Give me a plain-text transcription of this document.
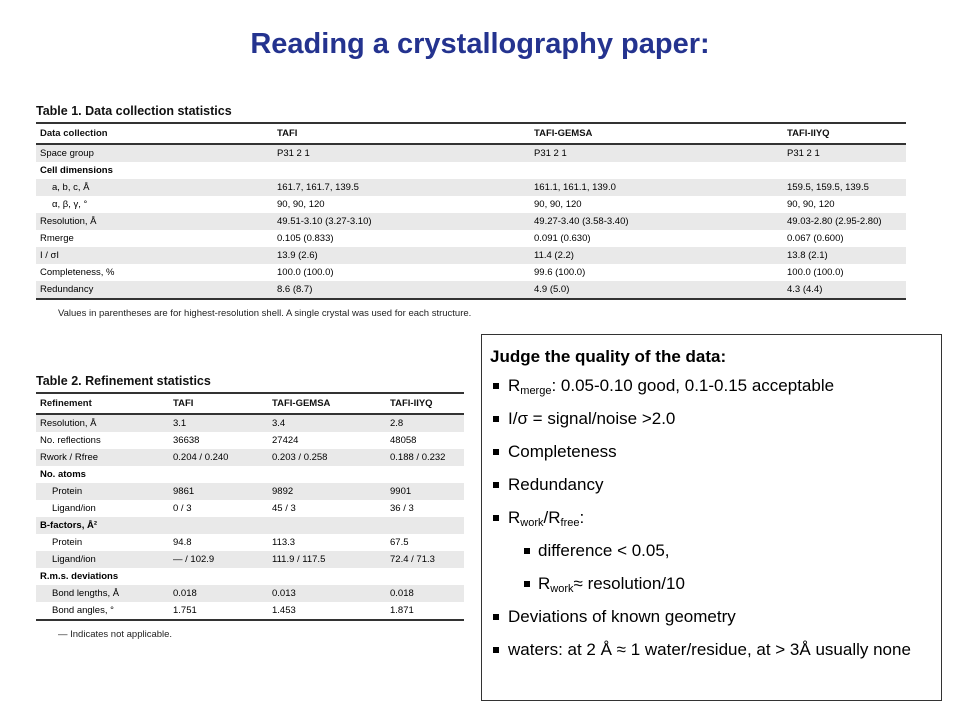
Reading a crystallography paper:
Table 1. Data collection statistics
Data collection	TAFI	TAFI-GEMSA	TAFI-IIYQ
Space group	P31 2 1	P31 2 1	P31 2 1
Cell dimensions			
a, b, c, Å	161.7, 161.7, 139.5	161.1, 161.1, 139.0	159.5, 159.5, 139.5
α, β, γ, °	90, 90, 120	90, 90, 120	90, 90, 120
Resolution, Å	49.51-3.10 (3.27-3.10)	49.27-3.40 (3.58-3.40)	49.03-2.80 (2.95-2.80)
Rmerge	0.105 (0.833)	0.091 (0.630)	0.067 (0.600)
I / σI	13.9 (2.6)	11.4 (2.2)	13.8 (2.1)
Completeness, %	100.0 (100.0)	99.6 (100.0)	100.0 (100.0)
Redundancy	8.6 (8.7)	4.9 (5.0)	4.3 (4.4)
Values in parentheses are for highest-resolution shell. A single crystal was used for each structure.
Table 2. Refinement statistics
Refinement	TAFI	TAFI-GEMSA	TAFI-IIYQ
Resolution, Å	3.1	3.4	2.8
No. reflections	36638	27424	48058
Rwork / Rfree	0.204 / 0.240	0.203 / 0.258	0.188 / 0.232
No. atoms			
Protein	9861	9892	9901
Ligand/ion	0 / 3	45 / 3	36 / 3
B-factors, Å²			
Protein	94.8	113.3	67.5
Ligand/ion	— / 102.9	111.9 / 117.5	72.4 / 71.3
R.m.s. deviations			
Bond lengths, Å	0.018	0.013	0.018
Bond angles, °	1.751	1.453	1.871
— Indicates not applicable.
Judge the quality of the data:
$R_{merge}$: 0.05-0.10 good, 0.1-0.15 acceptable
I/σ = signal/noise >2.0
Completeness
Redundancy
$R_{work}/R_{free}$:
difference < 0.05,
$R_{work}\approx$ resolution/10
Deviations of known geometry
waters: at 2 Å ≈ 1 water/residue, at > 3Å usually none
